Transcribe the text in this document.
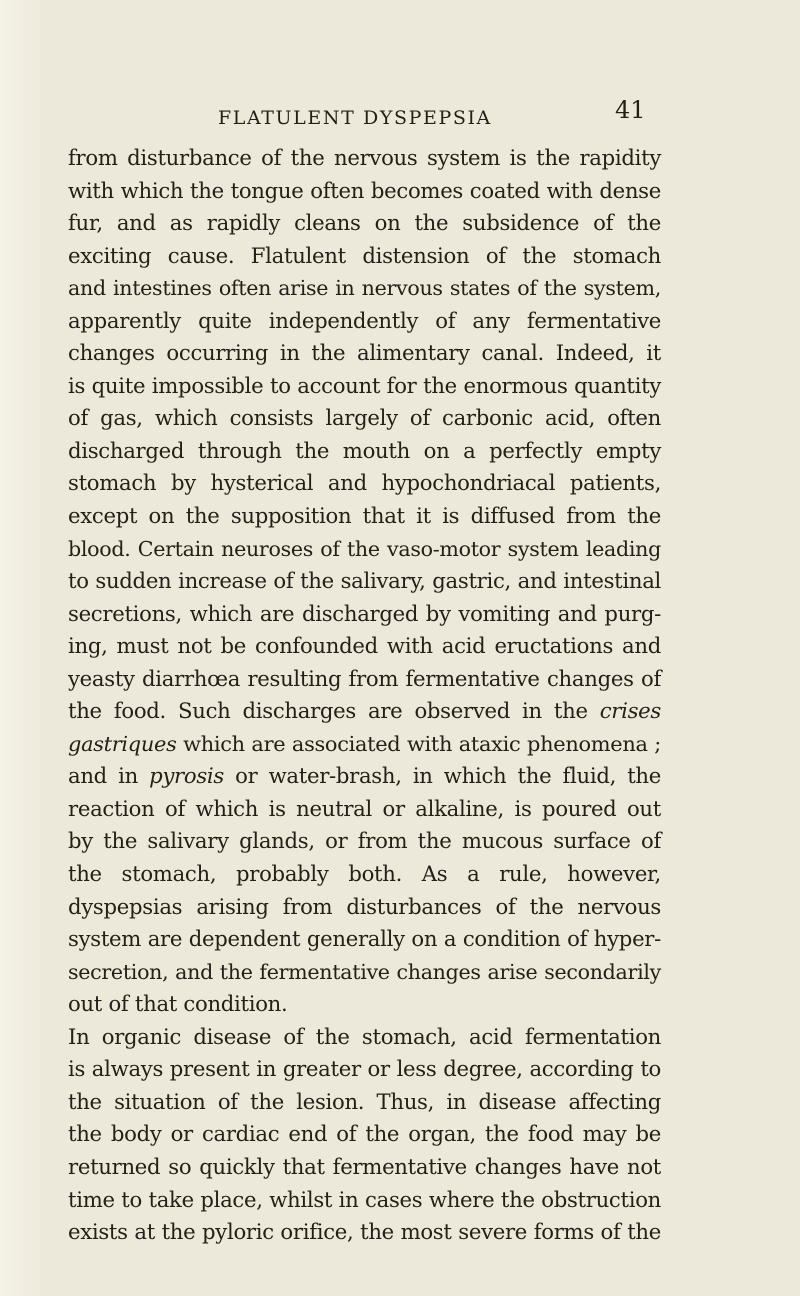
FLATULENT DYSPEPSIA	41
from disturbance of the nervous system is the rapidity
with which the tongue often becomes coated with dense
fur, and as rapidly cleans on the subsidence of the
exciting cause. Flatulent distension of the stomach
and intestines often arise in nervous states of the system,
apparently quite independently of any fermentative
changes occurring in the alimentary canal. Indeed, it
is quite impossible to account for the enormous quantity
of gas, which consists largely of carbonic acid, often
discharged through the mouth on a perfectly empty
stomach by hysterical and hypochondriacal patients,
except on the supposition that it is diffused from the
blood. Certain neuroses of the vaso-motor system leading
to sudden increase of the salivary, gastric, and intestinal
secretions, which are discharged by vomiting and purg-
ing, must not be confounded with acid eructations and
yeasty diarrhœa resulting from fermentative changes of
the food. Such discharges are observed in the crises
gastriques which are associated with ataxic phenomena ;
and in pyrosis or water-brash, in which the fluid, the
reaction of which is neutral or alkaline, is poured out
by the salivary glands, or from the mucous surface of
the stomach, probably both. As a rule, however,
dyspepsias arising from disturbances of the nervous
system are dependent generally on a condition of hyper-
secretion, and the fermentative changes arise secondarily
out of that condition.
In organic disease of the stomach, acid fermentation
is always present in greater or less degree, according to
the situation of the lesion. Thus, in disease affecting
the body or cardiac end of the organ, the food may be
returned so quickly that fermentative changes have not
time to take place, whilst in cases where the obstruction
exists at the pyloric orifice, the most severe forms of the
